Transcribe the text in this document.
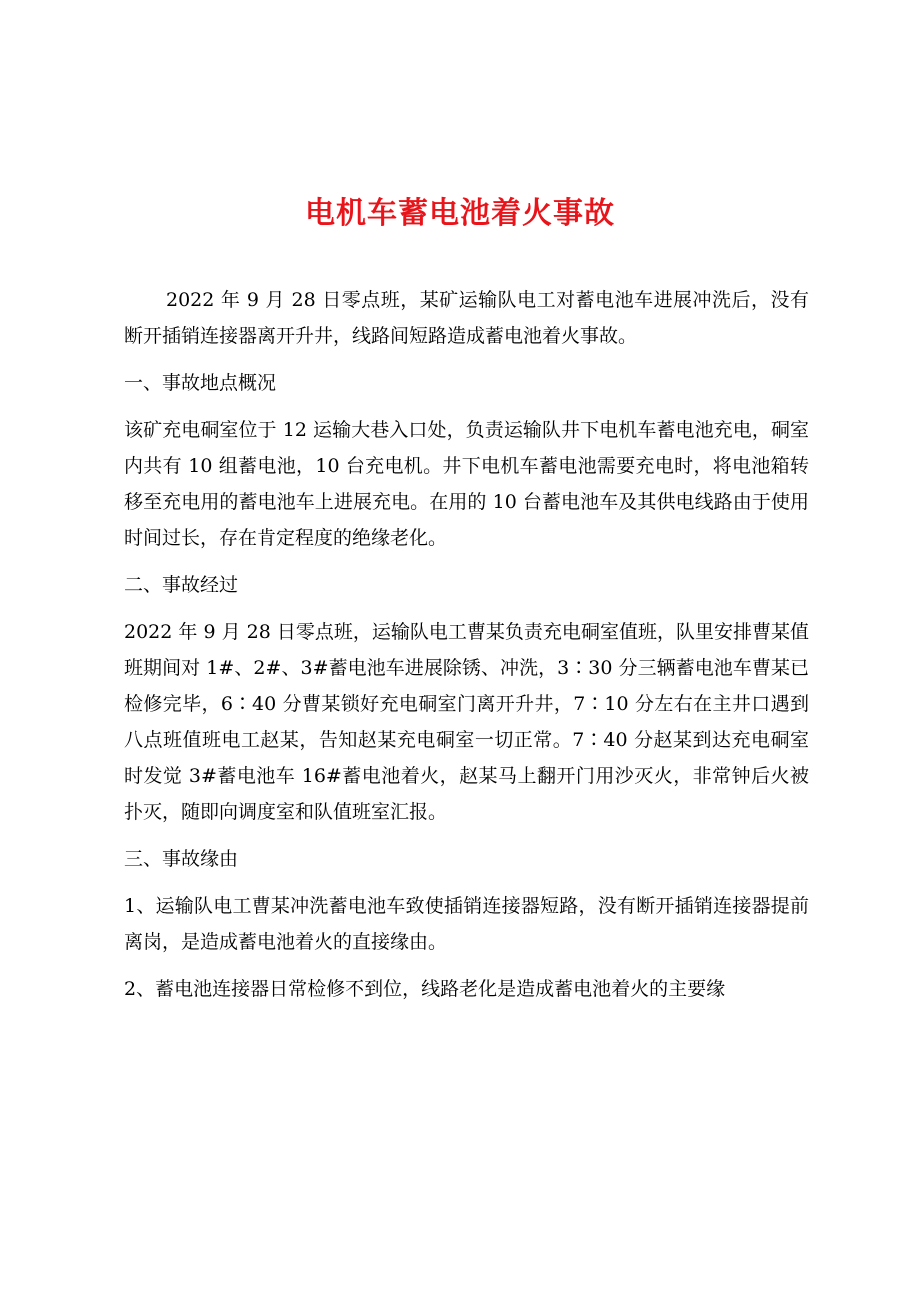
电机车蓄电池着火事故

2022 年 9 月 28 日零点班，某矿运输队电工对蓄电池车进展冲洗后，没有断开插销连接器离开升井，线路间短路造成蓄电池着火事故。

一、事故地点概况

该矿充电硐室位于 12 运输大巷入口处，负责运输队井下电机车蓄电池充电，硐室内共有 10 组蓄电池，10 台充电机。井下电机车蓄电池需要充电时，将电池箱转移至充电用的蓄电池车上进展充电。在用的 10 台蓄电池车及其供电线路由于使用时间过长，存在肯定程度的绝缘老化。

二、事故经过

2022 年 9 月 28 日零点班，运输队电工曹某负责充电硐室值班，队里安排曹某值班期间对 1#、2#、3#蓄电池车进展除锈、冲洗，3∶30 分三辆蓄电池车曹某已检修完毕，6∶40 分曹某锁好充电硐室门离开升井，7∶10 分左右在主井口遇到八点班值班电工赵某，告知赵某充电硐室一切正常。7∶40 分赵某到达充电硐室时发觉 3#蓄电池车 16#蓄电池着火，赵某马上翻开门用沙灭火，非常钟后火被扑灭，随即向调度室和队值班室汇报。

三、事故缘由

1、运输队电工曹某冲洗蓄电池车致使插销连接器短路，没有断开插销连接器提前离岗，是造成蓄电池着火的直接缘由。

2、蓄电池连接器日常检修不到位，线路老化是造成蓄电池着火的主要缘
